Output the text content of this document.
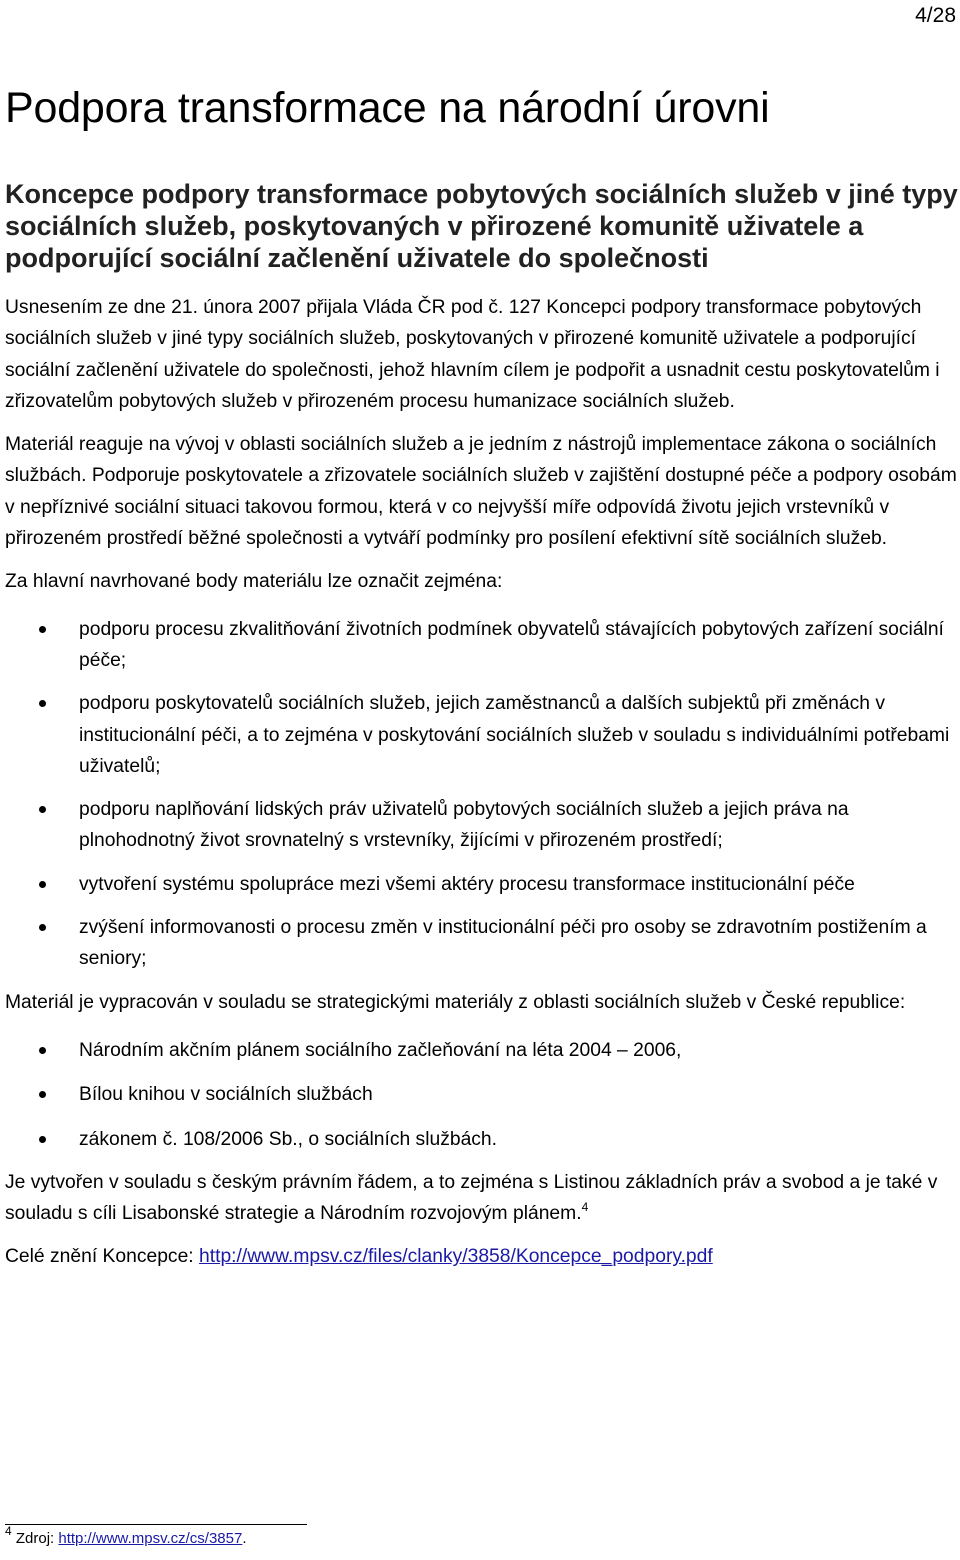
4/28
Podpora transformace na národní úrovni
Koncepce podpory transformace pobytových sociálních služeb v jiné typy sociálních služeb, poskytovaných v přirozené komunitě uživatele a podporující sociální začlenění uživatele do společnosti

Usnesením ze dne 21. února 2007 přijala Vláda ČR pod č. 127 Koncepci podpory transformace pobytových sociálních služeb v jiné typy sociálních služeb, poskytovaných v přirozené komunitě uživatele a podporující sociální začlenění uživatele do společnosti, jehož hlavním cílem je podpořit a usnadnit cestu poskytovatelům i zřizovatelům pobytových služeb v přirozeném procesu humanizace sociálních služeb.

Materiál reaguje na vývoj v oblasti sociálních služeb a je jedním z nástrojů implementace zákona o sociálních službách. Podporuje poskytovatele a zřizovatele sociálních služeb v zajištění dostupné péče a podpory osobám v nepříznivé sociální situaci takovou formou, která v co nejvyšší míře odpovídá životu jejich vrstevníků v přirozeném prostředí běžné společnosti a vytváří podmínky pro posílení efektivní sítě sociálních služeb.

Za hlavní navrhované body materiálu lze označit zejména:

podporu procesu zkvalitňování životních podmínek obyvatelů stávajících pobytových zařízení sociální péče;
podporu poskytovatelů sociálních služeb, jejich zaměstnanců a dalších subjektů při změnách v institucionální péči, a to zejména v poskytování sociálních služeb v souladu s individuálními potřebami uživatelů;
podporu naplňování lidských práv uživatelů pobytových sociálních služeb a jejich práva na plnohodnotný život srovnatelný s vrstevníky, žijícími v přirozeném prostředí;
vytvoření systému spolupráce mezi všemi aktéry procesu transformace institucionální péče
zvýšení informovanosti o procesu změn v institucionální péči pro osoby se zdravotním postižením a seniory;

Materiál je vypracován v souladu se strategickými materiály z oblasti sociálních služeb v České republice:

Národním akčním plánem sociálního začleňování na léta 2004 – 2006,
Bílou knihou v sociálních službách
zákonem č. 108/2006 Sb., o sociálních službách.

Je vytvořen v souladu s českým právním řádem, a to zejména s Listinou základních práv a svobod a je také v souladu s cíli Lisabonské strategie a Národním rozvojovým plánem.$^4$

Celé znění Koncepce: http://www.mpsv.cz/files/clanky/3858/Koncepce_podpory.pdf

$^4$ Zdroj: http://www.mpsv.cz/cs/3857.
